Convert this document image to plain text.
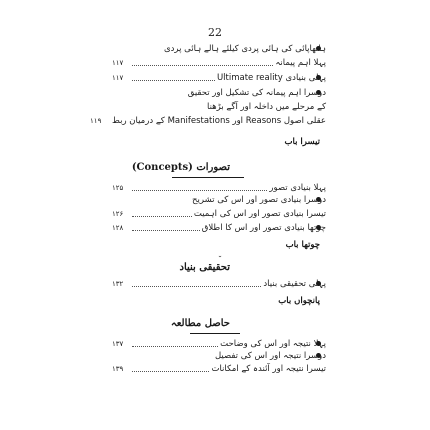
22
ہاتھاپائی کی ہائی پردی کیلئے ہالے ہائی پردی
پہلا اہم پیمانہ
۱۱۷
پہلی بنیادی Ultimate reality
۱۱۷
دوسرا اہم پیمانہ کی تشکیل اور تحقیق
کے مرحلے میں داخلہ اور آگے بڑھنا
عقلی اصول Reasons اور Manifestations کے درمیان ربط
۱۱۹
تیسرا باب
تصورات (Concepts)
پہلا بنیادی تصور
۱۲۵
دوسرا بنیادی تصور اور اس کی تشریح
تیسرا بنیادی تصور اور اس کی اہمیت
۱۲۶
چوتھا بنیادی تصور اور اس کا اطلاق
۱۲۸
چوتھا باب
˘
تحقیقی بنیاد
پہلی تحقیقی بنیاد
۱۳۲
پانچواں باب
حاصل مطالعہ
پہلا نتیجہ اور اس کی وضاحت
۱۳۷
دوسرا نتیجہ اور اس کی تفصیل
تیسرا نتیجہ اور آئندہ کے امکانات
۱۳۹
